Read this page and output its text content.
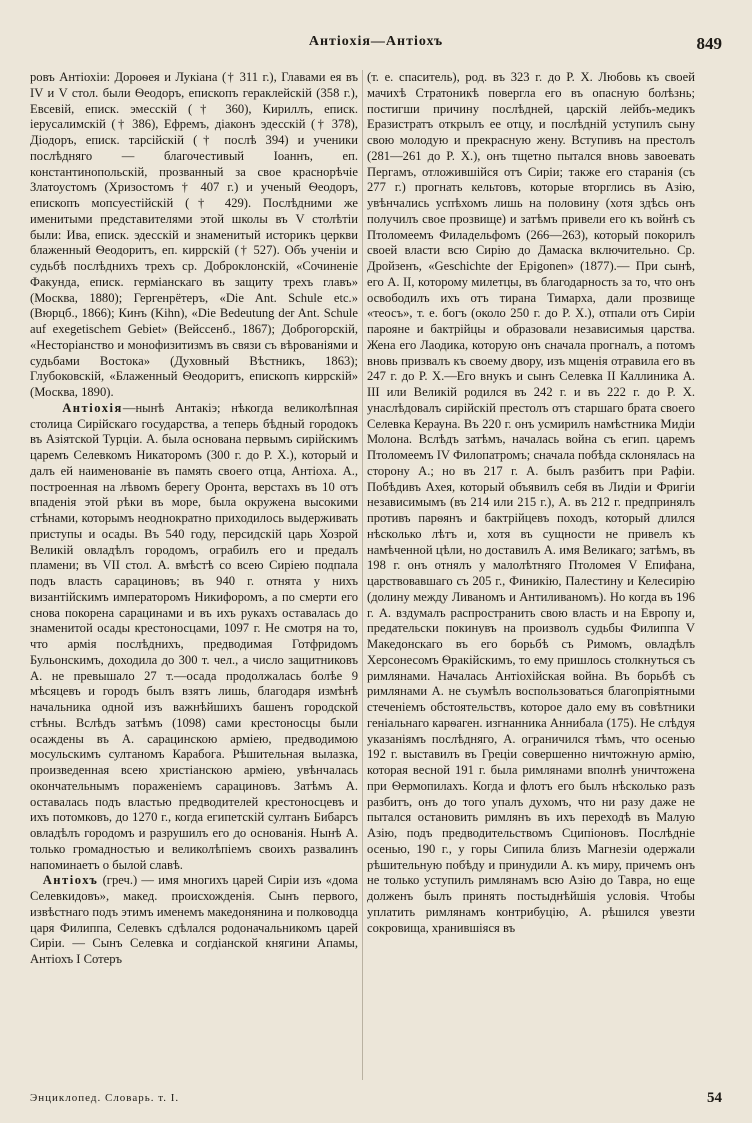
Антіохія—Антіохъ	849

ровъ Антіохіи: Дороѳея и Лукіана († 311 г.), Главами ея въ IV и V стол. были Ѳеодоръ, епископъ гераклейскій (358 г.), Евсевій, еписк. эмесскій († 360), Кириллъ, еписк. іерусалимскій († 386), Ефремъ, діаконъ эдесскій († 378), Діодоръ, еписк. тарсійскій († послѣ 394) и ученики послѣдняго — благочестивый Іоаннъ, еп. константинопольскій, прозванный за свое краснорѣчіе Златоустомъ (Хризостомъ † 407 г.) и ученый Ѳеодоръ, епископъ мопсуестійскій († 429). Послѣдними же именитыми представителями этой школы въ V столѣтіи были: Ива, еписк. эдесскій и знаменитый историкъ церкви блаженный Ѳеодоритъ, еп. киррскій († 527). Объ ученіи и судьбѣ послѣднихъ трехъ ср. Доброклонскій, «Сочиненіе Факунда, еписк. герміанскаго въ защиту трехъ главъ» (Москва, 1880); Гергенрётеръ, «Die Ant. Schule etc.» (Вюрцб., 1866); Кинъ (Kihn), «Die Bedeutung der Ant. Schule auf exegetischem Gebiet» (Вейссенб., 1867); Доброгорскій, «Несторіанство и монофизитизмъ въ связи съ вѣрованіями и судьбами Востока» (Духовный Вѣстникъ, 1863); Глубоковскій, «Блаженный Ѳеодоритъ, епископъ киррскій» (Москва, 1890).

Антіохія—нынѣ Антакіэ; нѣкогда великолѣпная столица Сирійскаго государства, а теперь бѣдный городокъ въ Азіятской Турціи. А. была основана первымъ сирійскимъ царемъ Селевкомъ Никаторомъ (300 г. до Р. Х.), который и далъ ей наименованіе въ память своего отца, Антіоха. А., построенная на лѣвомъ берегу Оронта, верстахъ въ 10 отъ впаденія этой рѣки въ море, была окружена высокими стѣнами, которымъ неоднократно приходилось выдерживать приступы и осады. Въ 540 году, персидскій царь Хозрой Великій овладѣлъ городомъ, ограбилъ его и предалъ пламени; въ VII стол. А. вмѣстѣ со всею Сиріею подпала подъ власть сарациновъ; въ 940 г. отнята у нихъ византійскимъ императоромъ Никифоромъ, а по смерти его снова покорена сарацинами и въ ихъ рукахъ оставалась до знаменитой осады крестоносцами, 1097 г. Не смотря на то, что армія послѣднихъ, предводимая Готфридомъ Бульонскимъ, доходила до 300 т. чел., а число защитниковъ А. не превышало 27 т.—осада продолжалась болѣе 9 мѣсяцевъ и городъ былъ взятъ лишь, благодаря измѣнѣ начальника одной изъ важнѣйшихъ башенъ городской стѣны. Вслѣдъ затѣмъ (1098) сами крестоносцы были осаждены въ А. сарацинскою арміею, предводимою мосульскимъ султаномъ Карабога. Рѣшительная вылазка, произведенная всею христіанскою арміею, увѣнчалась окончательнымъ пораженіемъ сарациновъ. Затѣмъ А. оставалась подъ властью предводителей крестоносцевъ и ихъ потомковъ, до 1270 г., когда египетскій султанъ Бибарсъ овладѣлъ городомъ и разрушилъ его до основанія. Нынѣ А. только громадностью и великолѣпіемъ своихъ развалинъ напоминаетъ о былой славѣ.

Антіохъ (греч.) — имя многихъ царей Сиріи изъ «дома Селевкидовъ», макед. происхожденія. Сынъ первого, извѣстнаго подъ этимъ именемъ македонянина и полководца царя Филиппа, Селевкъ сдѣлался родоначальникомъ царей Сиріи. — Сынъ Селевка и согдіанской княгини Апамы, Антіохъ I Сотеръ

(т. е. спаситель), род. въ 323 г. до Р. Х. Любовь къ своей мачихѣ Стратоникѣ повергла его въ опасную болѣзнь; постигши причину послѣдней, царскій лейбъ-медикъ Еразистратъ открылъ ее отцу, и послѣдній уступилъ сыну свою молодую и прекрасную жену. Вступивъ на престолъ (281—261 до Р. Х.), онъ тщетно пытался вновь завоевать Пергамъ, отложившійся отъ Сиріи; также его старанія (съ 277 г.) прогнать кельтовъ, которые вторглись въ Азію, увѣнчались успѣхомъ лишь на половину (хотя здѣсь онъ получилъ свое прозвище) и затѣмъ привели его къ войнѣ съ Птоломеемъ Филадельфомъ (266—263), который покорилъ своей власти всю Сирію до Дамаска включительно. Ср. Дройзенъ, «Geschichte der Epigonen» (1877).— При сынѣ, его А. II, которому милетцы, въ благодарность за то, что онъ освободилъ ихъ отъ тирана Тимарха, дали прозвище «теосъ», т. е. богъ (около 250 г. до Р. Х.), отпали отъ Сиріи парояне и бактрійцы и образовали независимыя царства. Жена его Лаодика, которую онъ сначала прогналъ, а потомъ вновь призвалъ къ своему двору, изъ мщенія отравила его въ 247 г. до Р. Х.—Его внукъ и сынъ Селевка II Каллиника А. III или Великій родился въ 242 г. и въ 222 г. до Р. Х. унаслѣдовалъ сирійскій престолъ отъ старшаго брата своего Селевка Керауна. Въ 220 г. онъ усмирилъ намѣстника Мидіи Молона. Вслѣдъ затѣмъ, началась война съ егип. царемъ Птоломеемъ IV Филопатромъ; сначала побѣда склонялась на сторону А.; но въ 217 г. А. былъ разбитъ при Рафіи. Побѣдивъ Ахея, который объявилъ себя въ Лидіи и Фригіи независимымъ (въ 214 или 215 г.), А. въ 212 г. предпринялъ противъ парѳянъ и бактрійцевъ походъ, который длился нѣсколько лѣтъ и, хотя въ сущности не привелъ къ намѣченной цѣли, но доставилъ А. имя Великаго; затѣмъ, въ 198 г. онъ отнялъ у малолѣтняго Птоломея V Епифана, царствовавшаго съ 205 г., Финикію, Палестину и Келесирію (долину между Ливаномъ и Антиливаномъ). Но когда въ 196 г. А. вздумалъ распространить свою власть и на Европу и, предательски покинувъ на произволъ судьбы Филиппа V Македонскаго въ его борьбѣ съ Римомъ, овладѣлъ Херсонесомъ Ѳракійскимъ, то ему пришлось столкнуться съ римлянами. Началась Антіохійская война. Въ борьбѣ съ римлянами А. не съумѣлъ воспользоваться благопріятными стеченіемъ обстоятельствъ, которое дало ему въ совѣтники геніальнаго карѳаген. изгнанника Аннибала (175). Не слѣдуя указаніямъ послѣдняго, А. ограничился тѣмъ, что осенью 192 г. выставилъ въ Греціи совершенно ничтожную армію, которая весной 191 г. была римлянами вполнѣ уничтожена при Ѳермопилахъ. Когда и флотъ его былъ нѣсколько разъ разбитъ, онъ до того упалъ духомъ, что ни разу даже не пытался остановить римлянъ въ ихъ переходѣ въ Малую Азію, подъ предводительствомъ Сципіоновъ. Послѣдніе осенью, 190 г., у горы Сипила близъ Магнезіи одержали рѣшительную побѣду и принудили А. къ миру, причемъ онъ не только уступилъ римлянамъ всю Азію до Тавра, но еще долженъ былъ принять постыднѣйшія условія. Чтобы уплатить римлянамъ контрибуцію, А. рѣшился увезти сокровища, хранившіяся въ

Энциклопед. Словарь. т. I.	54
